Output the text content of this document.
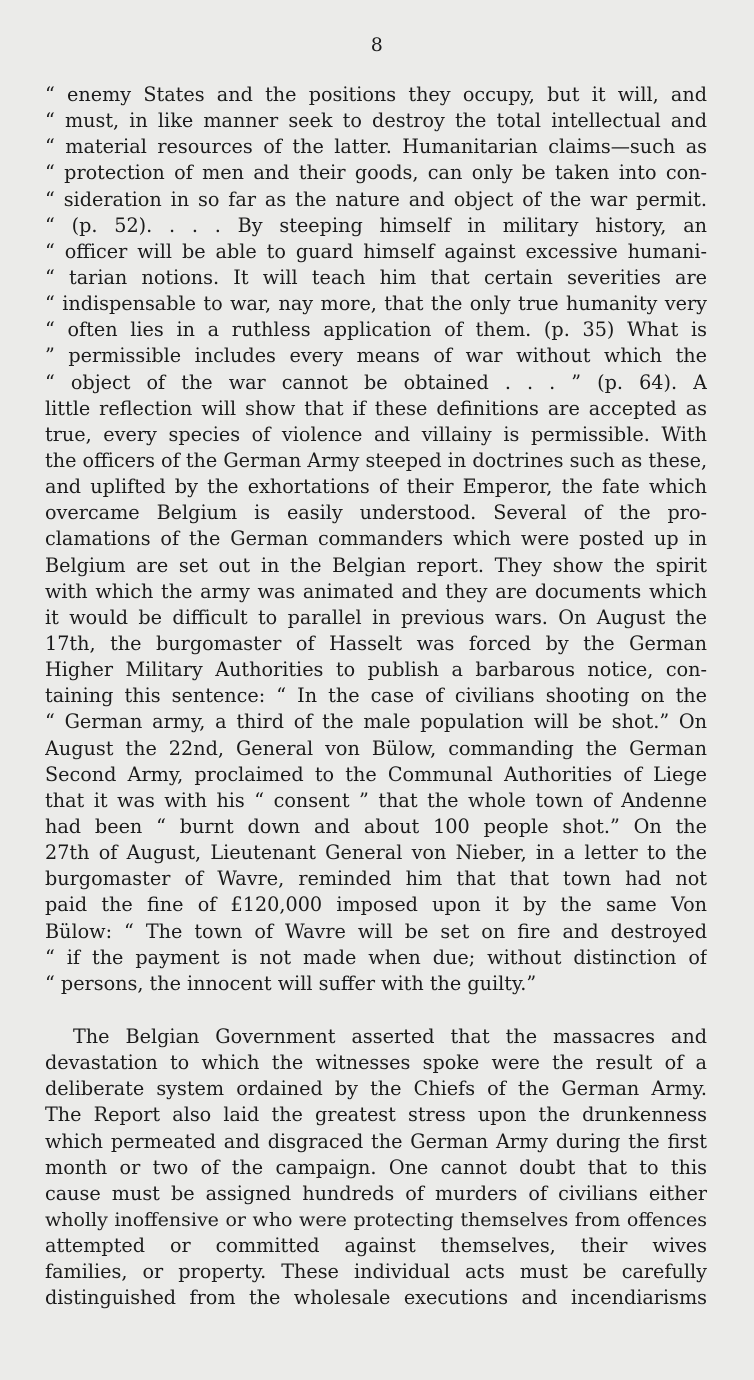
8
“ enemy States and the positions they occupy, but it will, and
“ must, in like manner seek to destroy the total intellectual and
“ material resources of the latter. Humanitarian claims—such as
“ protection of men and their goods, can only be taken into con-
“ sideration in so far as the nature and object of the war permit.
“ (p. 52). . . . By steeping himself in military history, an
“ officer will be able to guard himself against excessive humani-
“ tarian notions. It will teach him that certain severities are
“ indispensable to war, nay more, that the only true humanity very
“ often lies in a ruthless application of them. (p. 35) What is
” permissible includes every means of war without which the
“ object of the war cannot be obtained . . . ” (p. 64). A
little reflection will show that if these definitions are accepted as
true, every species of violence and villainy is permissible. With
the officers of the German Army steeped in doctrines such as these,
and uplifted by the exhortations of their Emperor, the fate which
overcame Belgium is easily understood. Several of the pro-
clamations of the German commanders which were posted up in
Belgium are set out in the Belgian report. They show the spirit
with which the army was animated and they are documents which
it would be difficult to parallel in previous wars. On August the
17th, the burgomaster of Hasselt was forced by the German
Higher Military Authorities to publish a barbarous notice, con-
taining this sentence: “ In the case of civilians shooting on the
“ German army, a third of the male population will be shot.” On
August the 22nd, General von Bülow, commanding the German
Second Army, proclaimed to the Communal Authorities of Liege
that it was with his “ consent ” that the whole town of Andenne
had been “ burnt down and about 100 people shot.” On the
27th of August, Lieutenant General von Nieber, in a letter to the
burgomaster of Wavre, reminded him that that town had not
paid the fine of £120,000 imposed upon it by the same Von
Bülow: “ The town of Wavre will be set on fire and destroyed
“ if the payment is not made when due; without distinction of
“ persons, the innocent will suffer with the guilty.”
The Belgian Government asserted that the massacres and
devastation to which the witnesses spoke were the result of a
deliberate system ordained by the Chiefs of the German Army.
The Report also laid the greatest stress upon the drunkenness
which permeated and disgraced the German Army during the first
month or two of the campaign. One cannot doubt that to this
cause must be assigned hundreds of murders of civilians either
wholly inoffensive or who were protecting themselves from offences
attempted or committed against themselves, their wives
families, or property. These individual acts must be carefully
distinguished from the wholesale executions and incendiarisms
